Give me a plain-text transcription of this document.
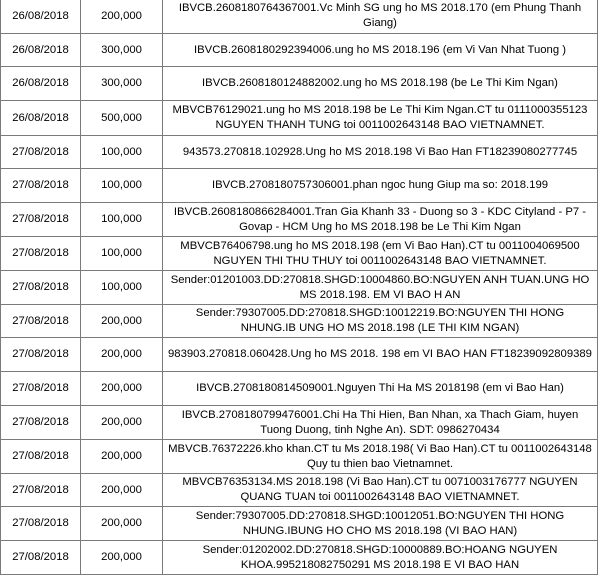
26/08/2018	200,000	IBVCB.2608180764367001.Vc Minh SG ung ho MS 2018.170 (em Phung Thanh Giang)
26/08/2018	300,000	IBVCB.2608180292394006.ung ho MS 2018.196 (em Vi Van Nhat Tuong )
26/08/2018	300,000	IBVCB.2608180124882002.ung ho MS 2018.198 (be Le Thi Kim Ngan)
26/08/2018	500,000	MBVCB76129021.ung ho MS 2018.198 be Le Thi Kim Ngan.CT tu 0111000355123 NGUYEN THANH TUNG toi 0011002643148 BAO VIETNAMNET.
27/08/2018	100,000	943573.270818.102928.Ung ho MS 2018.198 Vi Bao Han FT18239080277745
27/08/2018	100,000	IBVCB.2708180757306001.phan ngoc hung Giup ma so: 2018.199
27/08/2018	100,000	IBVCB.2608180866284001.Tran Gia Khanh 33 - Duong so 3 - KDC Cityland - P7 - Govap - HCM Ung ho MS 2018.198 be Le Thi Kim Ngan
27/08/2018	100,000	MBVCB76406798.ung ho MS 2018.198 (em Vi Bao Han).CT tu 0011004069500 NGUYEN THI THU THUY toi 0011002643148 BAO VIETNAMNET.
27/08/2018	100,000	Sender:01201003.DD:270818.SHGD:10004860.BO:NGUYEN ANH TUAN.UNG HO MS 2018.198. EM VI BAO H AN
27/08/2018	200,000	Sender:79307005.DD:270818.SHGD:10012219.BO:NGUYEN THI HONG NHUNG.IB UNG HO MS 2018.198 (LE THI KIM NGAN)
27/08/2018	200,000	983903.270818.060428.Ung ho MS 2018. 198 em VI BAO HAN FT18239092809389
27/08/2018	200,000	IBVCB.2708180814509001.Nguyen Thi Ha MS 2018198 (em vi Bao Han)
27/08/2018	200,000	IBVCB.2708180799476001.Chi Ha Thi Hien, Ban Nhan, xa Thach Giam, huyen Tuong Duong, tinh Nghe An). SDT: 0986270434
27/08/2018	200,000	MBVCB.76372226.kho khan.CT tu Ms 2018.198( Vi Bao Han).CT tu 0011002643148 Quy tu thien bao Vietnamnet.
27/08/2018	200,000	MBVCB76353134.MS 2018.198 (Vi Bao Han).CT tu 0071003176777 NGUYEN QUANG TUAN toi 0011002643148 BAO VIETNAMNET.
27/08/2018	200,000	Sender:79307005.DD:270818.SHGD:10012051.BO:NGUYEN THI HONG NHUNG.IBUNG HO CHO MS 2018.198 (VI BAO HAN)
27/08/2018	200,000	Sender:01202002.DD:270818.SHGD:10000889.BO:HOANG NGUYEN KHOA.995218082750291 MS 2018.198 E VI BAO HAN
